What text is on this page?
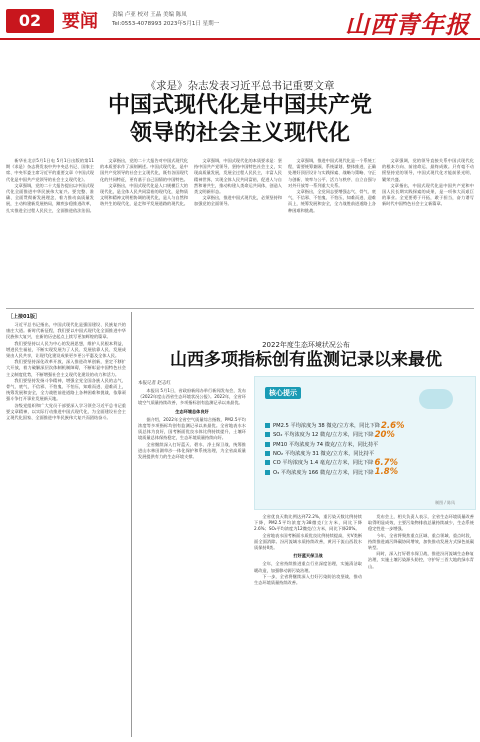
02	要闻	责编 卢亚 校对 王晶 美编 陈凤
Tel:0553-4078993 2023年5月1日 星期一	山西青年报
《求是》杂志发表习近平总书记重要文章
中国式现代化是中国共产党
领导的社会主义现代化

新华社北京5月1日电 5月1日出版的第11期《求是》杂志将发表中共中央总书记、国家主席、中央军委主席习近平的重要文章《中国式现代化是中国共产党领导的社会主义现代化》。

文章强调，党的二十大报告提出以中国式现代化全面推进中华民族伟大复兴。要完整、准确、全面贯彻新发展理念，着力推动高质量发展，主动构建新发展格局，蹄疾步稳推进改革，扎实推进全过程人民民主，全面推进依法治国。

文章指出，党的二十大报告对中国式现代化的本质要求作了深刻阐述。中国式现代化，是中国共产党领导的社会主义现代化，既有各国现代化的共同特征，更有基于自己国情的中国特色。

文章指出，中国式现代化是人口规模巨大的现代化，是全体人民共同富裕的现代化，是物质文明和精神文明相协调的现代化，是人与自然和谐共生的现代化，是走和平发展道路的现代化。

文章强调，中国式现代化的本质要求是：坚持中国共产党领导，坚持中国特色社会主义，实现高质量发展，发展全过程人民民主，丰富人民精神世界，实现全体人民共同富裕，促进人与自然和谐共生，推动构建人类命运共同体，创造人类文明新形态。

文章指出，推进中国式现代化，必须坚持和加强党的全面领导。

文章强调，推进中国式现代化是一个系统工程，需要统筹兼顾、系统谋划、整体推进，正确处理好顶层设计与实践探索、战略与策略、守正与创新、效率与公平、活力与秩序、自立自强与对外开放等一系列重大关系。

文章指出，全党同志要增强志气、骨气、底气，不信邪、不怕鬼、不怕压，知难而进、迎难而上，统筹发展和安全，全力战胜前进道路上各种困难和挑战。

文章强调，党的领导直接关系中国式现代化的根本方向、前途命运、最终成败。只有毫不动摇坚持党的领导，中国式现代化才能前景光明、繁荣兴盛。

文章指出，中国式现代化是中国共产党和中国人民长期实践探索的成果，是一项伟大而艰巨的事业。全党要勇于开拓，敢于担当，奋力谱写新时代中国特色社会主义新篇章。

［上接01版］

习近平总书记指出，中国式现代化是强国建设、民族复兴的康庄大道。新时代新征程，我们要以中国式现代化全面推进中华民族伟大复兴，在新的历史起点上续写更加辉煌的篇章。

我们要坚持以人民为中心的发展思想，维护人民根本利益，增进民生福祉，不断实现发展为了人民、发展依靠人民、发展成果由人民共享，让现代化建设成果更多更公平惠及全体人民。

我们要坚持深化改革开放，深入推进改革创新，坚定不移扩大开放，着力破解深层次体制机制障碍，不断彰显中国特色社会主义制度优势，不断增强社会主义现代化建设的动力和活力。

我们要坚持发扬斗争精神，增强全党全国各族人民的志气、骨气、底气，不信邪、不怕鬼、不怕压，知难而进、迎难而上，统筹发展和安全，全力战胜前进道路上各种困难和挑战，依靠顽强斗争打开事业发展新天地。

各级党组织和广大党员干部要深入学习领会习近平总书记重要文章精神，以实际行动推进中国式现代化，为全面建设社会主义现代化国家、全面推进中华民族伟大复兴而团结奋斗。

2022年度生态环境状况公布
山西多项指标创有监测记录以来最优
本报记者 赵志红

本报讯 5月1日，省政府新闻办举行新闻发布会，发布《2022年度山西省生态环境状况公报》。2022年，全省环境空气质量持续改善，多项指标创有监测记录以来最优。

生态环境总体良好

据介绍，2022年全省空气质量综合指数、PM2.5平均浓度等多项指标均创有监测记录以来最优。全省地表水水质总体为良好，国考断面优良水体比例持续提升，土壤环境质量总体保持稳定，生态环境质量持续向好。

全省继续深入打好蓝天、碧水、净土保卫战，统筹推进山水林田湖草沙一体化保护和系统治理，为全省高质量发展提供有力的生态环境支撑。

核心提示
PM2.5 平均浓度为 38 微克/立方米，同比下降 2.6%
SO₂ 平均浓度为 12 微克/立方米，同比下降 20%
PM10 平均浓度为 74 微克/立方米，同比持平
NO₂ 平均浓度为 31 微克/立方米，同比持平
CO 平均浓度为 1.4 毫克/立方米，同比下降 6.7%
O₃ 平均浓度为 166 微克/立方米，同比下降 1.8%
制图 / 陈凤

全省优良天数比例达到72.2%，重污染天数比例持续下降，PM2.5平均浓度为38微克/立方米，同比下降2.6%；SO₂平均浓度为12微克/立方米，同比下降20%。

全省地表水国考断面水质优良比例持续提高，劣V类断面全面消除。汾河流域水质持续改善，黄河干流山西段水质保持II类。

打好蓝天保卫战

全年，全省持续推进重点行业深度治理，实施清洁取暖改造，加强移动源污染治理。

下一步，全省将继续深入打好污染防治攻坚战，推动生态环境质量持续改善。

发布会上，相关负责人表示，全省生态环境质量改善取得明显成效，主要污染物排放总量持续减少，生态系统稳定性进一步增强。

今年，全省将聚焦重点区域、重点领域、重点时段，持续推进减污降碳协同增效，加快推动发展方式绿色低碳转型。

同时，深入打好碧水保卫战，推进汾河流域生态修复治理，实施土壤污染源头防控，守护好三晋大地的绿水青山。
